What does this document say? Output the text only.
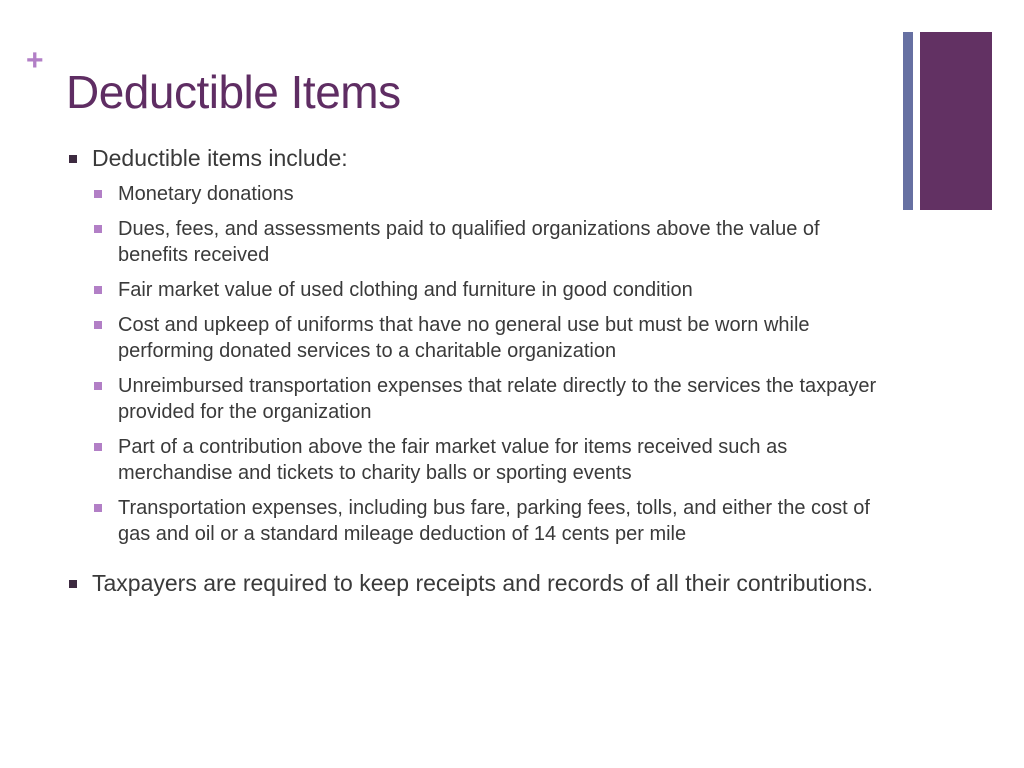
+
Deductible Items
Deductible items include:
Monetary donations
Dues, fees, and assessments paid to qualified organizations above the value of benefits received
Fair market value of used clothing and furniture in good condition
Cost and upkeep of uniforms that have no general use but must be worn while performing donated services to a charitable organization
Unreimbursed transportation expenses that relate directly to the services the taxpayer provided for the organization
Part of a contribution above the fair market value for items received such as merchandise and tickets to charity balls or sporting events
Transportation expenses, including bus fare, parking fees, tolls, and either the cost of gas and oil or a standard mileage deduction of 14 cents per mile
Taxpayers are required to keep receipts and records of all their contributions.
